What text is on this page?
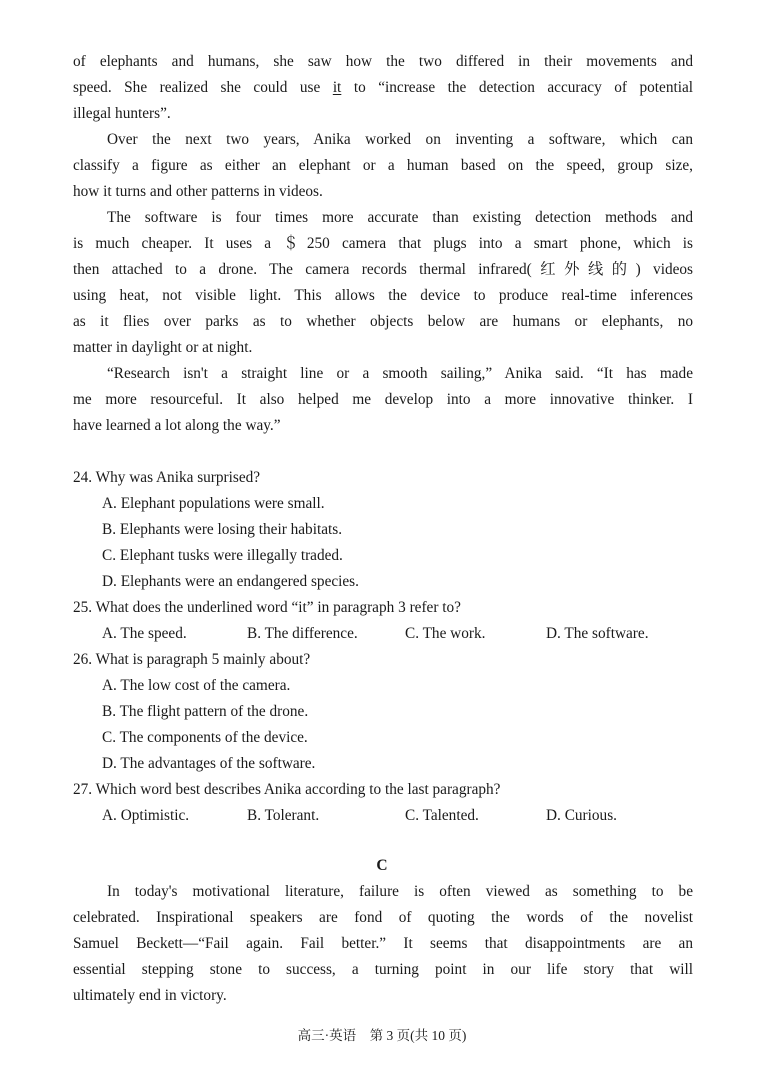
of elephants and humans, she saw how the two differed in their movements and
speed. She realized she could use it to “increase the detection accuracy of potential
illegal hunters”.
Over the next two years, Anika worked on inventing a software, which can
classify a figure as either an elephant or a human based on the speed, group size,
how it turns and other patterns in videos.
The software is four times more accurate than existing detection methods and
is much cheaper. It uses a ＄250 camera that plugs into a smart phone, which is
then attached to a drone. The camera records thermal infrared(红外线的) videos
using heat, not visible light. This allows the device to produce real-time inferences
as it flies over parks as to whether objects below are humans or elephants, no
matter in daylight or at night.
“Research isn't a straight line or a smooth sailing,” Anika said. “It has made
me more resourceful. It also helped me develop into a more innovative thinker. I
have learned a lot along the way.”
24. Why was Anika surprised?
A. Elephant populations were small.
B. Elephants were losing their habitats.
C. Elephant tusks were illegally traded.
D. Elephants were an endangered species.
25. What does the underlined word “it” in paragraph 3 refer to?
A. The speed.	B. The difference.	C. The work.	D. The software.
26. What is paragraph 5 mainly about?
A. The low cost of the camera.
B. The flight pattern of the drone.
C. The components of the device.
D. The advantages of the software.
27. Which word best describes Anika according to the last paragraph?
A. Optimistic.	B. Tolerant.	C. Talented.	D. Curious.
C
In today's motivational literature, failure is often viewed as something to be
celebrated. Inspirational speakers are fond of quoting the words of the novelist
Samuel Beckett—“Fail again. Fail better.” It seems that disappointments are an
essential stepping stone to success, a turning point in our life story that will
ultimately end in victory.
高三·英语　第 3 页(共 10 页)
